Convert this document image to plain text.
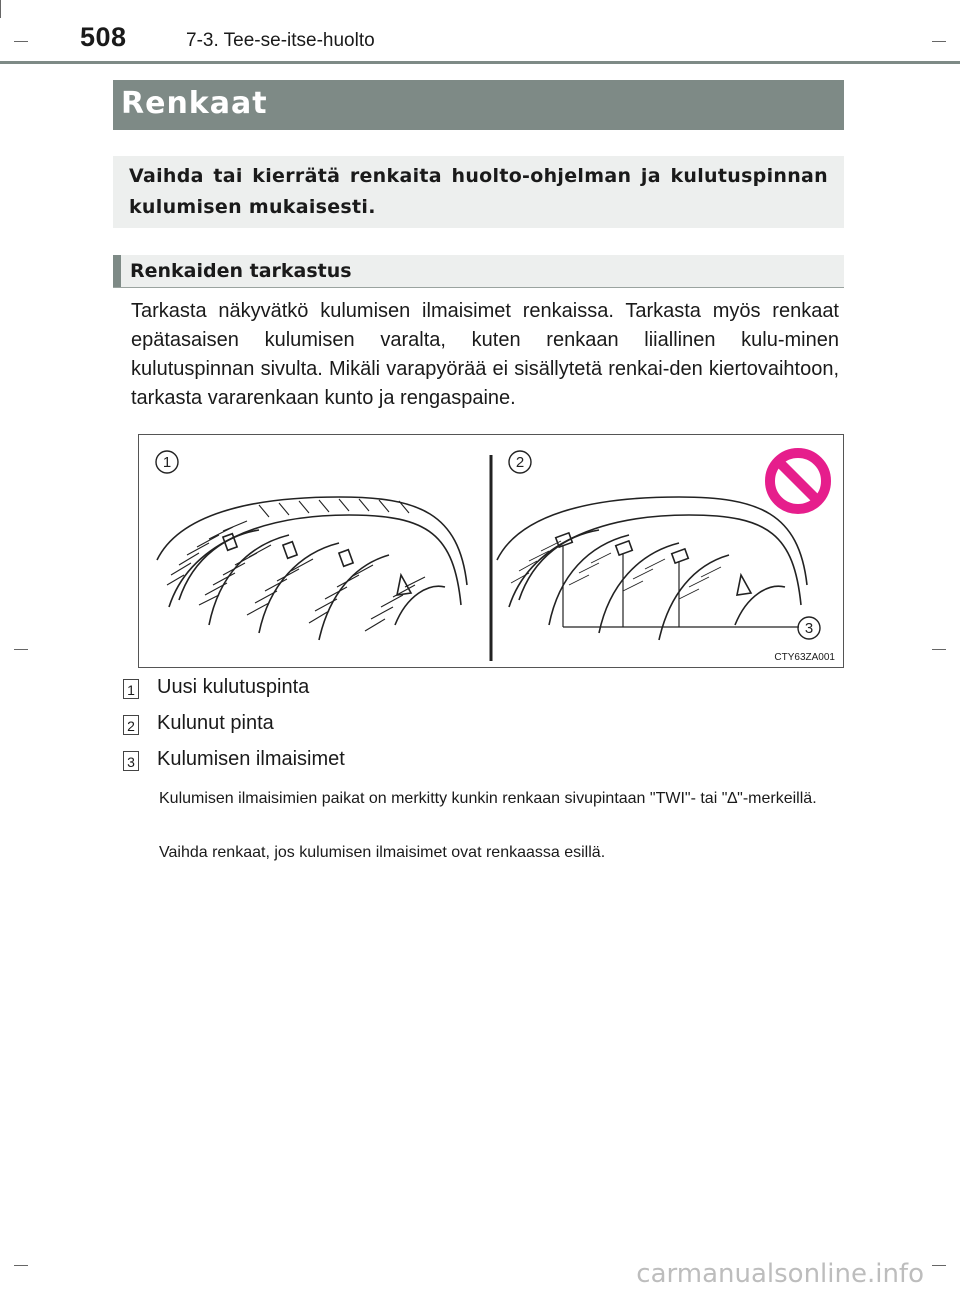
508	7-3. Tee-se-itse-huolto
Renkaat
Vaihda tai kierrätä renkaita huolto-ohjelman ja kulutuspinnan kulumisen mukaisesti.
Renkaiden tarkastus
Tarkasta näkyvätkö kulumisen ilmaisimet renkaissa. Tarkasta myös renkaat epätasaisen kulumisen varalta, kuten renkaan liiallinen kulu-minen kulutuspinnan sivulta. Mikäli varapyörää ei sisällytetä renkai-den kiertovaihtoon, tarkasta vararenkaan kunto ja rengaspaine.
1	2
3
CTY63ZA001
1 Uusi kulutuspinta
2 Kulunut pinta
3 Kulumisen ilmaisimet
Kulumisen ilmaisimien paikat on merkitty kunkin renkaan sivupintaan "TWI"- tai "∆"-merkeillä.
Vaihda renkaat, jos kulumisen ilmaisimet ovat renkaassa esillä.
carmanualsonline.info
